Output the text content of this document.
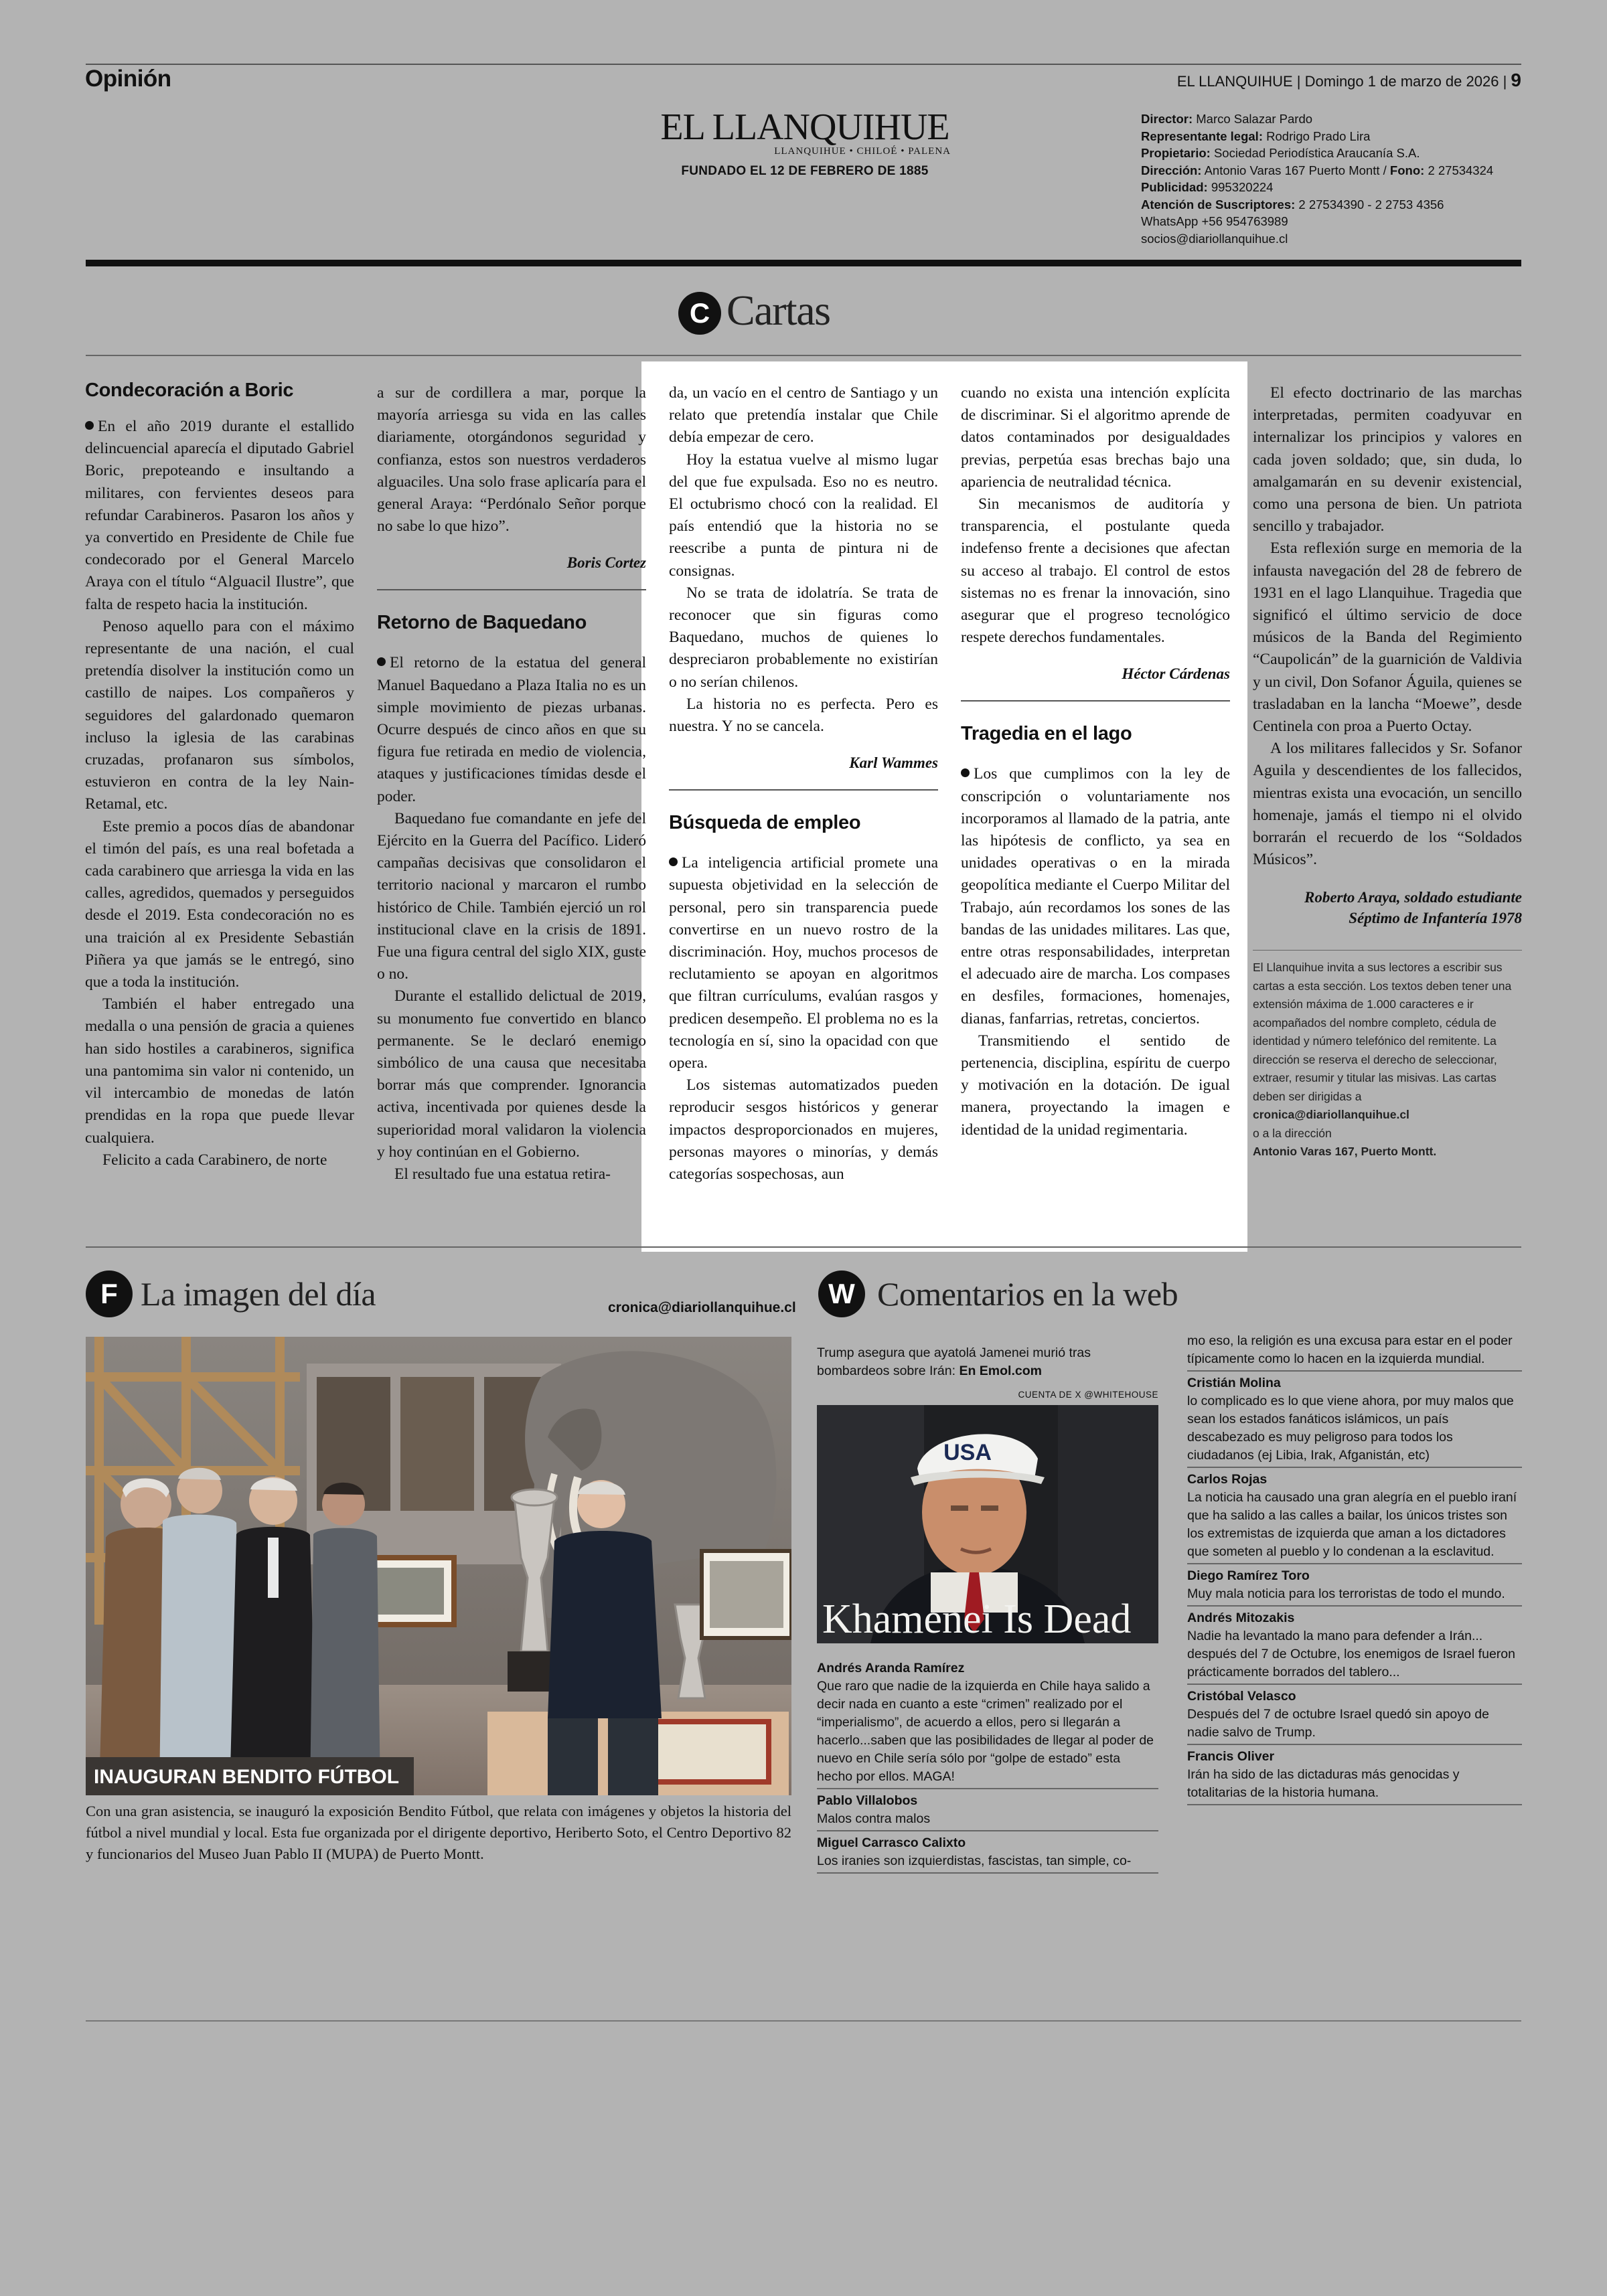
Opinión	EL LLANQUIHUE | Domingo 1 de marzo de 2026 | 9
EL LLANQUIHUE
LLANQUIHUE • CHILOÉ • PALENA
FUNDADO EL 12 DE FEBRERO DE 1885
Director: Marco Salazar Pardo
Representante legal: Rodrigo Prado Lira
Propietario: Sociedad Periodística Araucanía S.A.
Dirección: Antonio Varas 167 Puerto Montt / Fono: 2 27534324
Publicidad: 995320224
Atención de Suscriptores: 2 27534390 - 2 2753 4356
WhatsApp +56 954763989
socios@diariollanquihue.cl
C Cartas
Condecoración a Boric

En el año 2019 durante el estallido delincuencial aparecía el diputado Gabriel Boric, prepoteando e insultando a militares, con fervientes deseos para refundar Carabineros. Pasaron los años y ya convertido en Presidente de Chile fue condecorado por el General Marcelo Araya con el título “Alguacil Ilustre”, que falta de respeto hacia la institución.

Penoso aquello para con el máximo representante de una nación, el cual pretendía disolver la institución como un castillo de naipes. Los compañeros y seguidores del galardonado quemaron incluso la iglesia de las carabinas cruzadas, profanaron sus símbolos, estuvieron en contra de la ley Nain-Retamal, etc.

Este premio a pocos días de abandonar el timón del país, es una real bofetada a cada carabinero que arriesga la vida en las calles, agredidos, quemados y perseguidos desde el 2019. Esta condecoración no es una traición al ex Presidente Sebastián Piñera ya que jamás se le entregó, sino que a toda la institución.

También el haber entregado una medalla o una pensión de gracia a quienes han sido hostiles a carabineros, significa una pantomima sin valor ni contenido, un vil intercambio de monedas de latón prendidas en la ropa que puede llevar cualquiera.

Felicito a cada Carabinero, de norte

a sur de cordillera a mar, porque la mayoría arriesga su vida en las calles diariamente, otorgándonos seguridad y confianza, estos son nuestros verdaderos alguaciles. Una solo frase aplicaría para el general Araya: “Perdónalo Señor porque no sabe lo que hizo”.

Boris Cortez
Retorno de Baquedano

El retorno de la estatua del general Manuel Baquedano a Plaza Italia no es un simple movimiento de piezas urbanas. Ocurre después de cinco años en que su figura fue retirada en medio de violencia, ataques y justificaciones tímidas desde el poder.

Baquedano fue comandante en jefe del Ejército en la Guerra del Pacífico. Lideró campañas decisivas que consolidaron el territorio nacional y marcaron el rumbo histórico de Chile. También ejerció un rol institucional clave en la crisis de 1891. Fue una figura central del siglo XIX, guste o no.

Durante el estallido delictual de 2019, su monumento fue convertido en blanco permanente. Se le declaró enemigo simbólico de una causa que necesitaba borrar más que comprender. Ignorancia activa, incentivada por quienes desde la superioridad moral validaron la violencia y hoy continúan en el Gobierno.

El resultado fue una estatua retira-

da, un vacío en el centro de Santiago y un relato que pretendía instalar que Chile debía empezar de cero.

Hoy la estatua vuelve al mismo lugar del que fue expulsada. Eso no es neutro. El octubrismo chocó con la realidad. El país entendió que la historia no se reescribe a punta de pintura ni de consignas.

No se trata de idolatría. Se trata de reconocer que sin figuras como Baquedano, muchos de quienes lo despreciaron probablemente no existirían o no serían chilenos.

La historia no es perfecta. Pero es nuestra. Y no se cancela.

Karl Wammes
Búsqueda de empleo

La inteligencia artificial promete una supuesta objetividad en la selección de personal, pero sin transparencia puede convertirse en un nuevo rostro de la discriminación. Hoy, muchos procesos de reclutamiento se apoyan en algoritmos que filtran currículums, evalúan rasgos y predicen desempeño. El problema no es la tecnología en sí, sino la opacidad con que opera.

Los sistemas automatizados pueden reproducir sesgos históricos y generar impactos desproporcionados en mujeres, personas mayores o minorías, y demás categorías sospechosas, aun

cuando no exista una intención explícita de discriminar. Si el algoritmo aprende de datos contaminados por desigualdades previas, perpetúa esas brechas bajo una apariencia de neutralidad técnica.

Sin mecanismos de auditoría y transparencia, el postulante queda indefenso frente a decisiones que afectan su acceso al trabajo. El control de estos sistemas no es frenar la innovación, sino asegurar que el progreso tecnológico respete derechos fundamentales.

Héctor Cárdenas
Tragedia en el lago

Los que cumplimos con la ley de conscripción o voluntariamente nos incorporamos al llamado de la patria, ante las hipótesis de conflicto, ya sea en unidades operativas o en la mirada geopolítica mediante el Cuerpo Militar del Trabajo, aún recordamos los sones de las bandas de las unidades militares. Las que, entre otras responsabilidades, interpretan el adecuado aire de marcha. Los compases en desfiles, formaciones, homenajes, dianas, fanfarrias, retretas, conciertos.

Transmitiendo el sentido de pertenencia, disciplina, espíritu de cuerpo y motivación en la dotación. De igual manera, proyectando la imagen e identidad de la unidad regimentaria.

El efecto doctrinario de las marchas interpretadas, permiten coadyuvar en internalizar los principios y valores en cada joven soldado; que, sin duda, lo amalgamarán en su devenir existencial, como una persona de bien. Un patriota sencillo y trabajador.

Esta reflexión surge en memoria de la infausta navegación del 28 de febrero de 1931 en el lago Llanquihue. Tragedia que significó el último servicio de doce músicos de la Banda del Regimiento “Caupolicán” de la guarnición de Valdivia y un civil, Don Sofanor Águila, quienes se trasladaban en la lancha “Moewe”, desde Centinela con proa a Puerto Octay.

A los militares fallecidos y Sr. Sofanor Aguila y descendientes de los fallecidos, mientras exista una evocación, un sencillo homenaje, jamás el tiempo ni el olvido borrarán el recuerdo de los “Soldados Músicos”.

Roberto Araya, soldado estudiante
Séptimo de Infantería 1978
El Llanquihue invita a sus lectores a escribir sus cartas a esta sección. Los textos deben tener una extensión máxima de 1.000 caracteres e ir acompañados del nombre completo, cédula de identidad y número telefónico del remitente. La dirección se reserva el derecho de seleccionar, extraer, resumir y titular las misivas. Las cartas deben ser dirigidas a
cronica@diariollanquihue.cl
o a la dirección
Antonio Varas 167, Puerto Montt.
F La imagen del día	cronica@diariollanquihue.cl
INAUGURAN BENDITO FÚTBOL
Con una gran asistencia, se inauguró la exposición Bendito Fútbol, que relata con imágenes y objetos la historia del fútbol a nivel mundial y local. Esta fue organizada por el dirigente deportivo, Heriberto Soto, el Centro Deportivo 82 y funcionarios del Museo Juan Pablo II (MUPA) de Puerto Montt.
W Comentarios en la web
Trump asegura que ayatolá Jamenei murió tras bombardeos sobre Irán: En Emol.com
CUENTA DE X @WHITEHOUSE
USA
Khamenei Is Dead
Andrés Aranda Ramírez
Que raro que nadie de la izquierda en Chile haya salido a decir nada en cuanto a este “crimen” realizado por el “imperialismo”, de acuerdo a ellos, pero si llegarán a hacerlo...saben que las posibilidades de llegar al poder de nuevo en Chile sería sólo por “golpe de estado” esta hecho por ellos. MAGA!
Pablo Villalobos
Malos contra malos
Miguel Carrasco Calixto
Los iranies son izquierdistas, fascistas, tan simple, co-
mo eso, la religión es una excusa para estar en el poder típicamente como lo hacen en la izquierda mundial.
Cristián Molina
lo complicado es lo que viene ahora, por muy malos que sean los estados fanáticos islámicos, un país descabezado es muy peligroso para todos los ciudadanos (ej Libia, Irak, Afganistán, etc)
Carlos Rojas
La noticia ha causado una gran alegría en el pueblo iraní que ha salido a las calles a bailar, los únicos tristes son los extremistas de izquierda que aman a los dictadores que someten al pueblo y lo condenan a la esclavitud.
Diego Ramírez Toro
Muy mala noticia para los terroristas de todo el mundo.
Andrés Mitozakis
Nadie ha levantado la mano para defender a Irán... después del 7 de Octubre, los enemigos de Israel fueron prácticamente borrados del tablero...
Cristóbal Velasco
Después del 7 de octubre Israel quedó sin apoyo de nadie salvo de Trump.
Francis Oliver
Irán ha sido de las dictaduras más genocidas y totalitarias de la historia humana.
